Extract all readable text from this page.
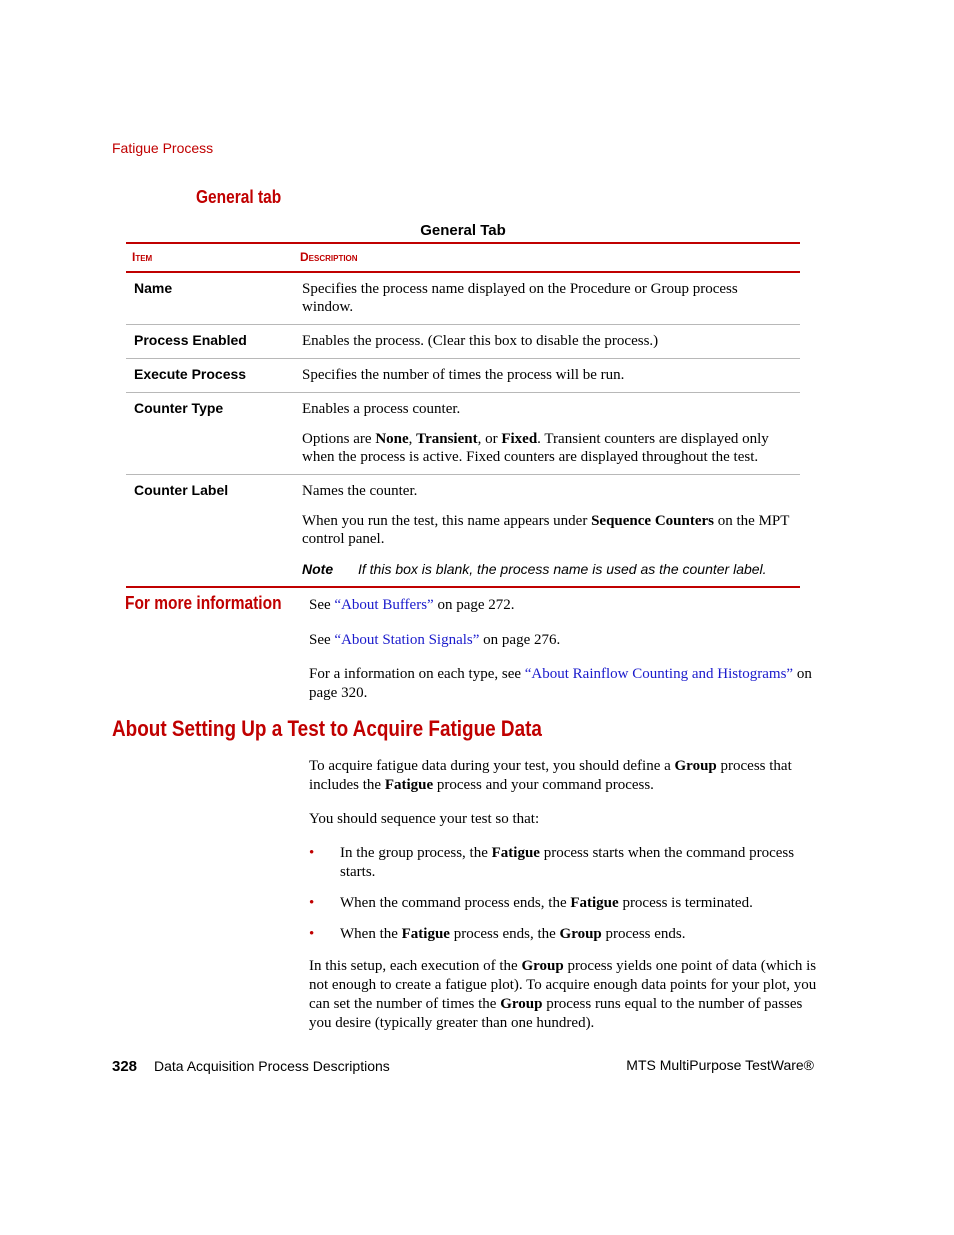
Fatigue Process
General tab
General Tab
Item	Description
Name	Specifies the process name displayed on the Procedure or Group process window.

Process Enabled	Enables the process. (Clear this box to disable the process.)

Execute Process	Specifies the number of times the process will be run.

Counter Type	Enables a process counter.

Options are None, Transient, or Fixed. Transient counters are displayed only when the process is active. Fixed counters are displayed throughout the test.

Counter Label	Names the counter.

When you run the test, this name appears under Sequence Counters on the MPT control panel.

Note If this box is blank, the process name is used as the counter label.
For more information See “About Buffers” on page 272.
See “About Station Signals” on page 276.
For a information on each type, see “About Rainflow Counting and Histograms” on page 320.
About Setting Up a Test to Acquire Fatigue Data
To acquire fatigue data during your test, you should define a Group process that includes the Fatigue process and your command process.
You should sequence your test so that:
• In the group process, the Fatigue process starts when the command process starts.
• When the command process ends, the Fatigue process is terminated.
• When the Fatigue process ends, the Group process ends.
In this setup, each execution of the Group process yields one point of data (which is not enough to create a fatigue plot). To acquire enough data points for your plot, you can set the number of times the Group process runs equal to the number of passes you desire (typically greater than one hundred).
328 Data Acquisition Process Descriptions	MTS MultiPurpose TestWare®
